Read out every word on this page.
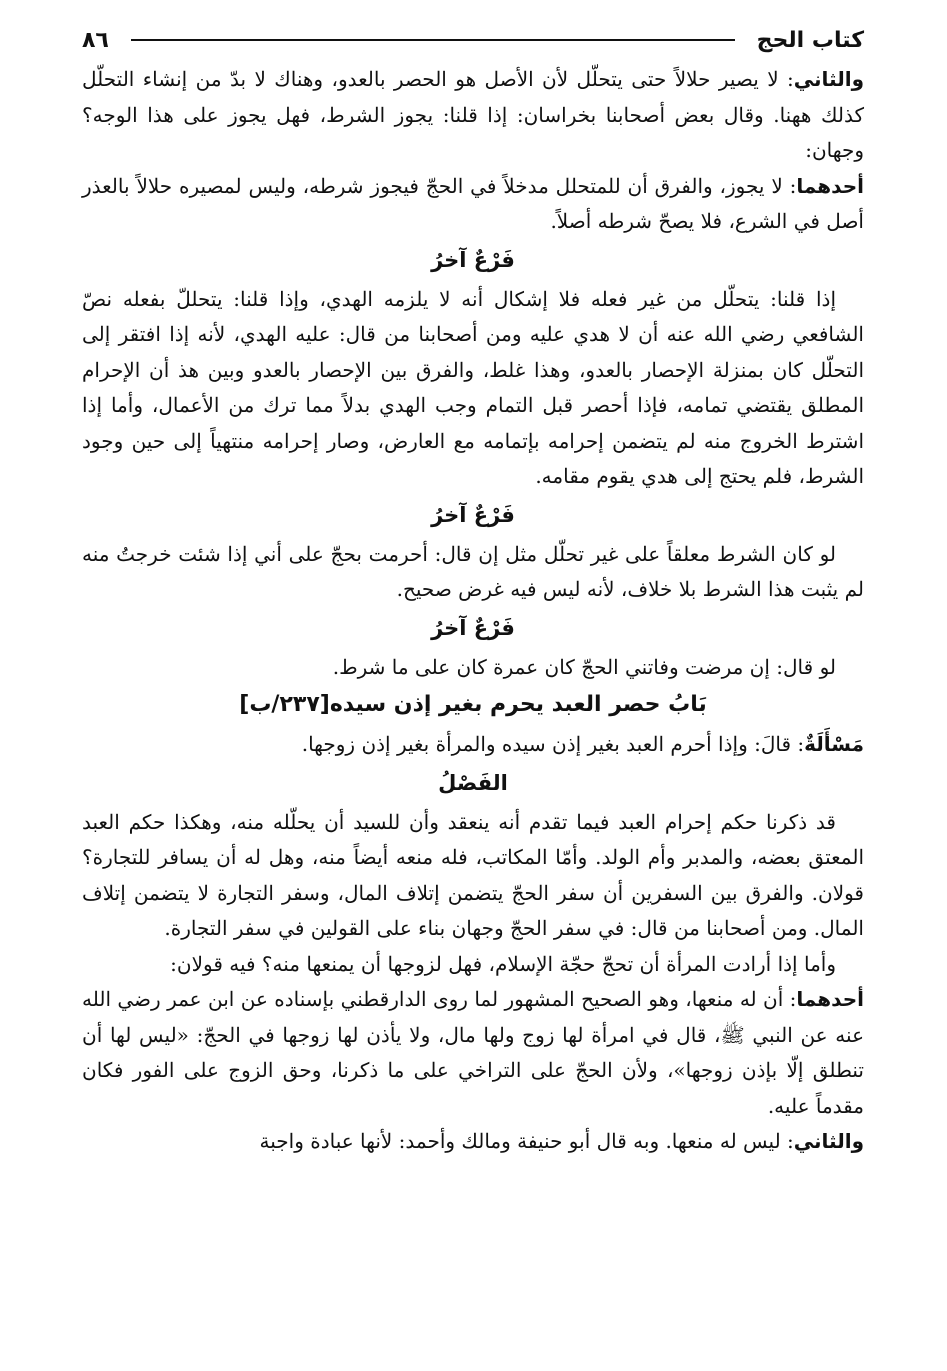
٨٦	كتاب الحج

والثاني: لا يصير حلالاً حتى يتحلّل لأن الأصل هو الحصر بالعدو، وهناك لا بدّ من إنشاء التحلّل كذلك ههنا. وقال بعض أصحابنا بخراسان: إذا قلنا: يجوز الشرط، فهل يجوز على هذا الوجه؟ وجهان:

أحدهما: لا يجوز، والفرق أن للمتحلل مدخلاً في الحجّ فيجوز شرطه، وليس لمصيره حلالاً بالعذر أصل في الشرع، فلا يصحّ شرطه أصلاً.

فَرْعٌ آخرُ

إذا قلنا: يتحلّل من غير فعله فلا إشكال أنه لا يلزمه الهدي، وإذا قلنا: يتحللّ بفعله نصّ الشافعي رضي الله عنه أن لا هدي عليه ومن أصحابنا من قال: عليه الهدي، لأنه إذا افتقر إلى التحلّل كان بمنزلة الإحصار بالعدو، وهذا غلط، والفرق بين الإحصار بالعدو وبين هذ أن الإحرام المطلق يقتضي تمامه، فإذا أحصر قبل التمام وجب الهدي بدلاً مما ترك من الأعمال، وأما إذا اشترط الخروج منه لم يتضمن إحرامه بإتمامه مع العارض، وصار إحرامه منتهياً إلى حين وجود الشرط، فلم يحتج إلى هدي يقوم مقامه.

فَرْعٌ آخرُ

لو كان الشرط معلقاً على غير تحلّل مثل إن قال: أحرمت بحجّ على أني إذا شئت خرجتُ منه لم يثبت هذا الشرط بلا خلاف، لأنه ليس فيه غرض صحيح.

فَرْعٌ آخرُ

لو قال: إن مرضت وفاتني الحجّ كان عمرة كان على ما شرط.

بَابُ حصر العبد يحرم بغير إذن سيده[٢٣٧/ب]

مَسْأَلَةٌ: قالَ: وإذا أحرم العبد بغير إذن سيده والمرأة بغير إذن زوجها.

الفَصْلُ

قد ذكرنا حكم إحرام العبد فيما تقدم أنه ينعقد وأن للسيد أن يحلّله منه، وهكذا حكم العبد المعتق بعضه، والمدبر وأم الولد. وأمّا المكاتب، فله منعه أيضاً منه، وهل له أن يسافر للتجارة؟ قولان. والفرق بين السفرين أن سفر الحجّ يتضمن إتلاف المال، وسفر التجارة لا يتضمن إتلاف المال. ومن أصحابنا من قال: في سفر الحجّ وجهان بناء على القولين في سفر التجارة.

وأما إذا أرادت المرأة أن تحجّ حجّة الإسلام، فهل لزوجها أن يمنعها منه؟ فيه قولان:

أحدهما: أن له منعها، وهو الصحيح المشهور لما روى الدارقطني بإسناده عن ابن عمر رضي الله عنه عن النبي ﷺ، قال في امرأة لها زوج ولها مال، ولا يأذن لها زوجها في الحجّ: «ليس لها أن تنطلق إلّا بإذن زوجها»، ولأن الحجّ على التراخي على ما ذكرنا، وحق الزوج على الفور فكان مقدماً عليه.

والثاني: ليس له منعها. وبه قال أبو حنيفة ومالك وأحمد: لأنها عبادة واجبة
